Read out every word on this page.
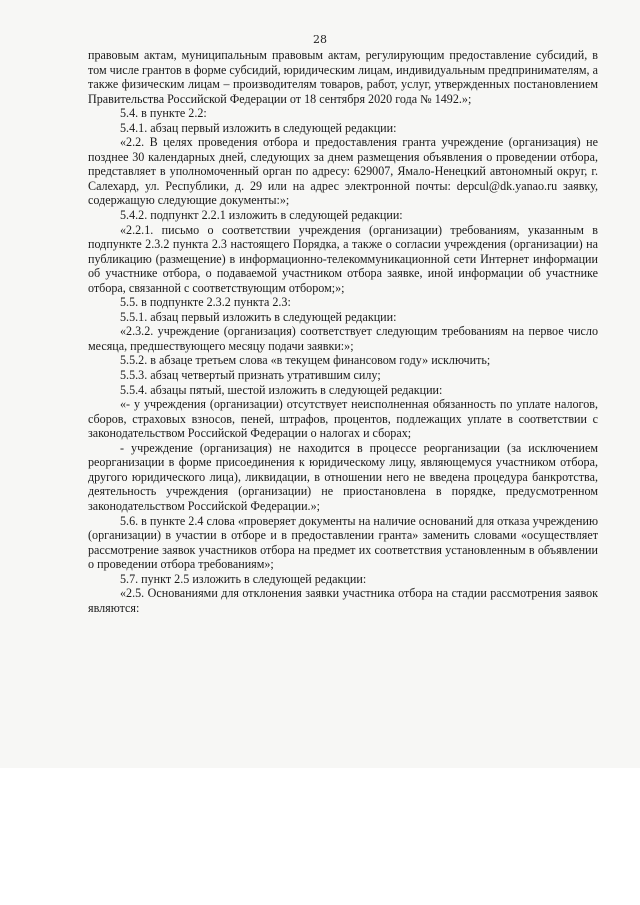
28

правовым актам, муниципальным правовым актам, регулирующим предоставление субсидий, в том числе грантов в форме субсидий, юридическим лицам, индивидуальным предпринимателям, а также физическим лицам – производителям товаров, работ, услуг, утвержденных постановлением Правительства Российской Федерации от 18 сентября 2020 года № 1492.»;

5.4. в пункте 2.2:

5.4.1. абзац первый изложить в следующей редакции:

«2.2. В целях проведения отбора и предоставления гранта учреждение (организация) не позднее 30 календарных дней, следующих за днем размещения объявления о проведении отбора, представляет в уполномоченный орган по адресу: 629007, Ямало-Ненецкий автономный округ, г. Салехард, ул. Республики, д. 29 или на адрес электронной почты: depcul@dk.yanao.ru заявку, содержащую следующие документы:»;

5.4.2. подпункт 2.2.1 изложить в следующей редакции:

«2.2.1. письмо о соответствии учреждения (организации) требованиям, указанным в подпункте 2.3.2 пункта 2.3 настоящего Порядка, а также о согласии учреждения (организации) на публикацию (размещение) в информационно-телекоммуникационной сети Интернет информации об участнике отбора, о подаваемой участником отбора заявке, иной информации об участнике отбора, связанной с соответствующим отбором;»;

5.5. в подпункте 2.3.2 пункта 2.3:

5.5.1. абзац первый изложить в следующей редакции:

«2.3.2. учреждение (организация) соответствует следующим требованиям на первое число месяца, предшествующего месяцу подачи заявки:»;

5.5.2. в абзаце третьем слова «в текущем финансовом году» исключить;

5.5.3. абзац четвертый признать утратившим силу;

5.5.4. абзацы пятый, шестой изложить в следующей редакции:

«- у учреждения (организации) отсутствует неисполненная обязанность по уплате налогов, сборов, страховых взносов, пеней, штрафов, процентов, подлежащих уплате в соответствии с законодательством Российской Федерации о налогах и сборах;

- учреждение (организация) не находится в процессе реорганизации (за исключением реорганизации в форме присоединения к юридическому лицу, являющемуся участником отбора, другого юридического лица), ликвидации, в отношении него не введена процедура банкротства, деятельность учреждения (организации) не приостановлена в порядке, предусмотренном законодательством Российской Федерации.»;

5.6. в пункте 2.4 слова «проверяет документы на наличие оснований для отказа учреждению (организации) в участии в отборе и в предоставлении гранта» заменить словами «осуществляет рассмотрение заявок участников отбора на предмет их соответствия установленным в объявлении о проведении отбора требованиям»;

5.7. пункт 2.5 изложить в следующей редакции:

«2.5. Основаниями для отклонения заявки участника отбора на стадии рассмотрения заявок являются:
